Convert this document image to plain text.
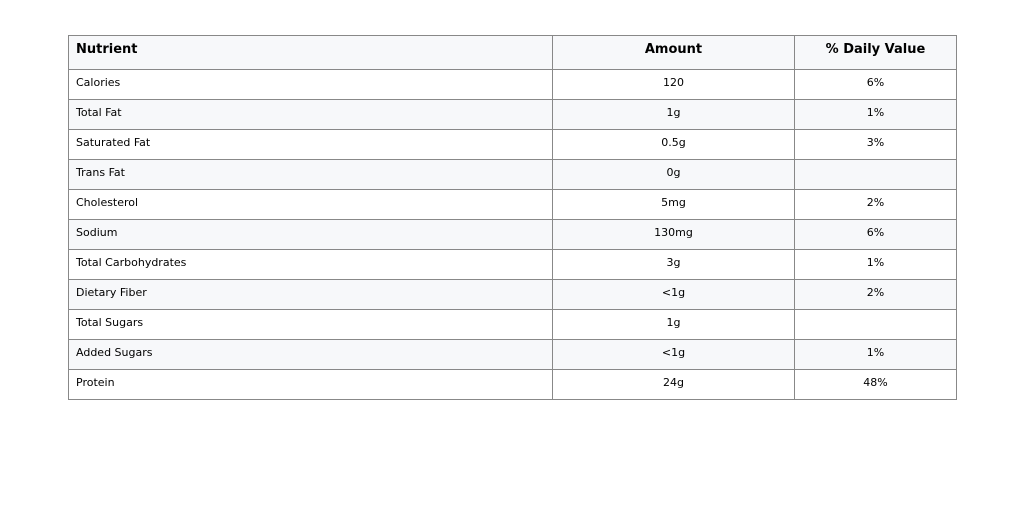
Nutrient	Amount	% Daily Value
Calories	120	6%
Total Fat	1g	1%
Saturated Fat	0.5g	3%
Trans Fat	0g	
Cholesterol	5mg	2%
Sodium	130mg	6%
Total Carbohydrates	3g	1%
Dietary Fiber	<1g	2%
Total Sugars	1g	
Added Sugars	<1g	1%
Protein	24g	48%
